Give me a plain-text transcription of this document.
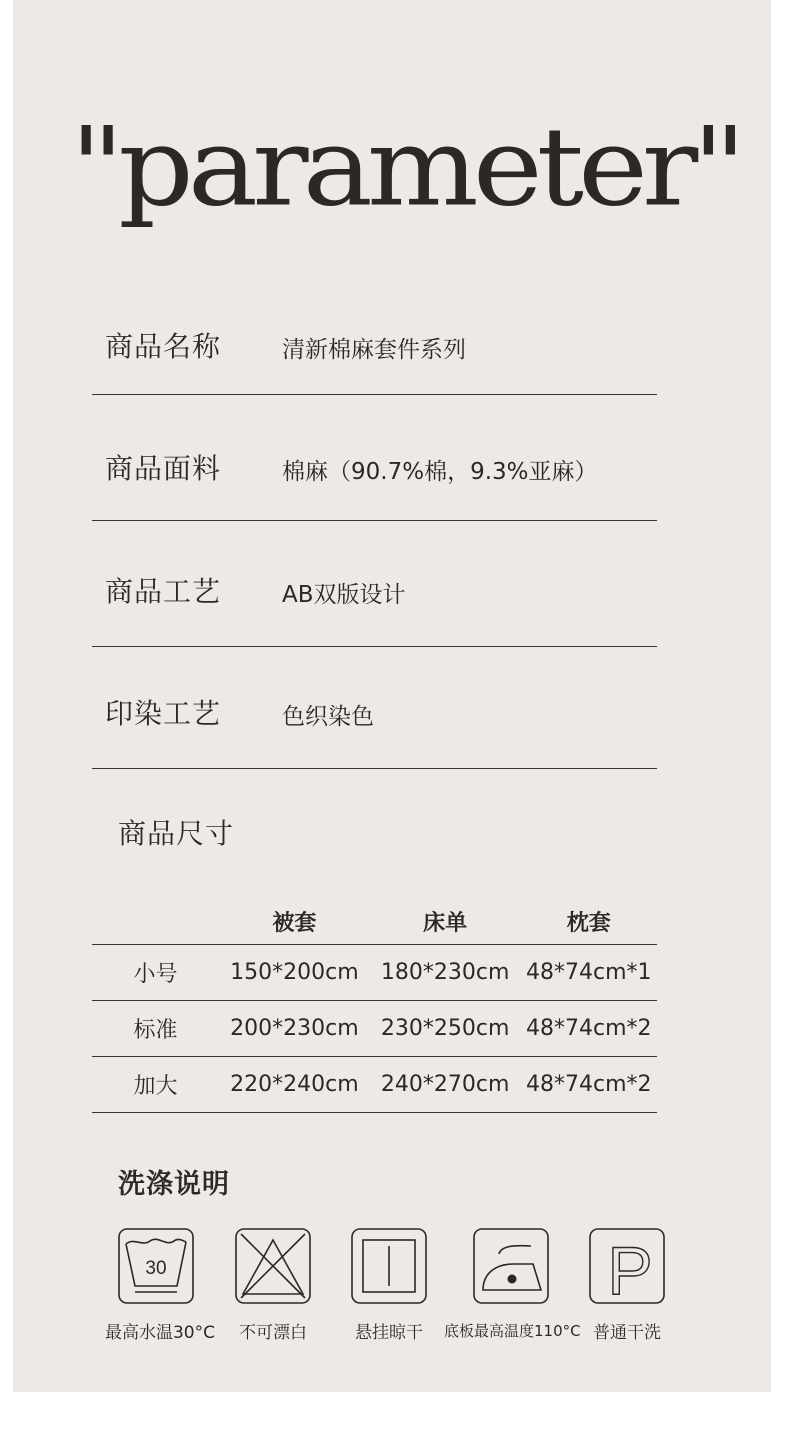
"parameter"
商品名称	清新棉麻套件系列
商品面料	棉麻（90.7%棉，9.3%亚麻）
商品工艺	AB双版设计
印染工艺	色织染色
商品尺寸
	被套	床单	枕套
小号	150*200cm	180*230cm	48*74cm*1
标准	200*230cm	230*250cm	48*74cm*2
加大	220*240cm	240*270cm	48*74cm*2
洗涤说明
30	P
最高水温30°C	不可漂白	悬挂晾干	底板最高温度110°C 普通干洗
